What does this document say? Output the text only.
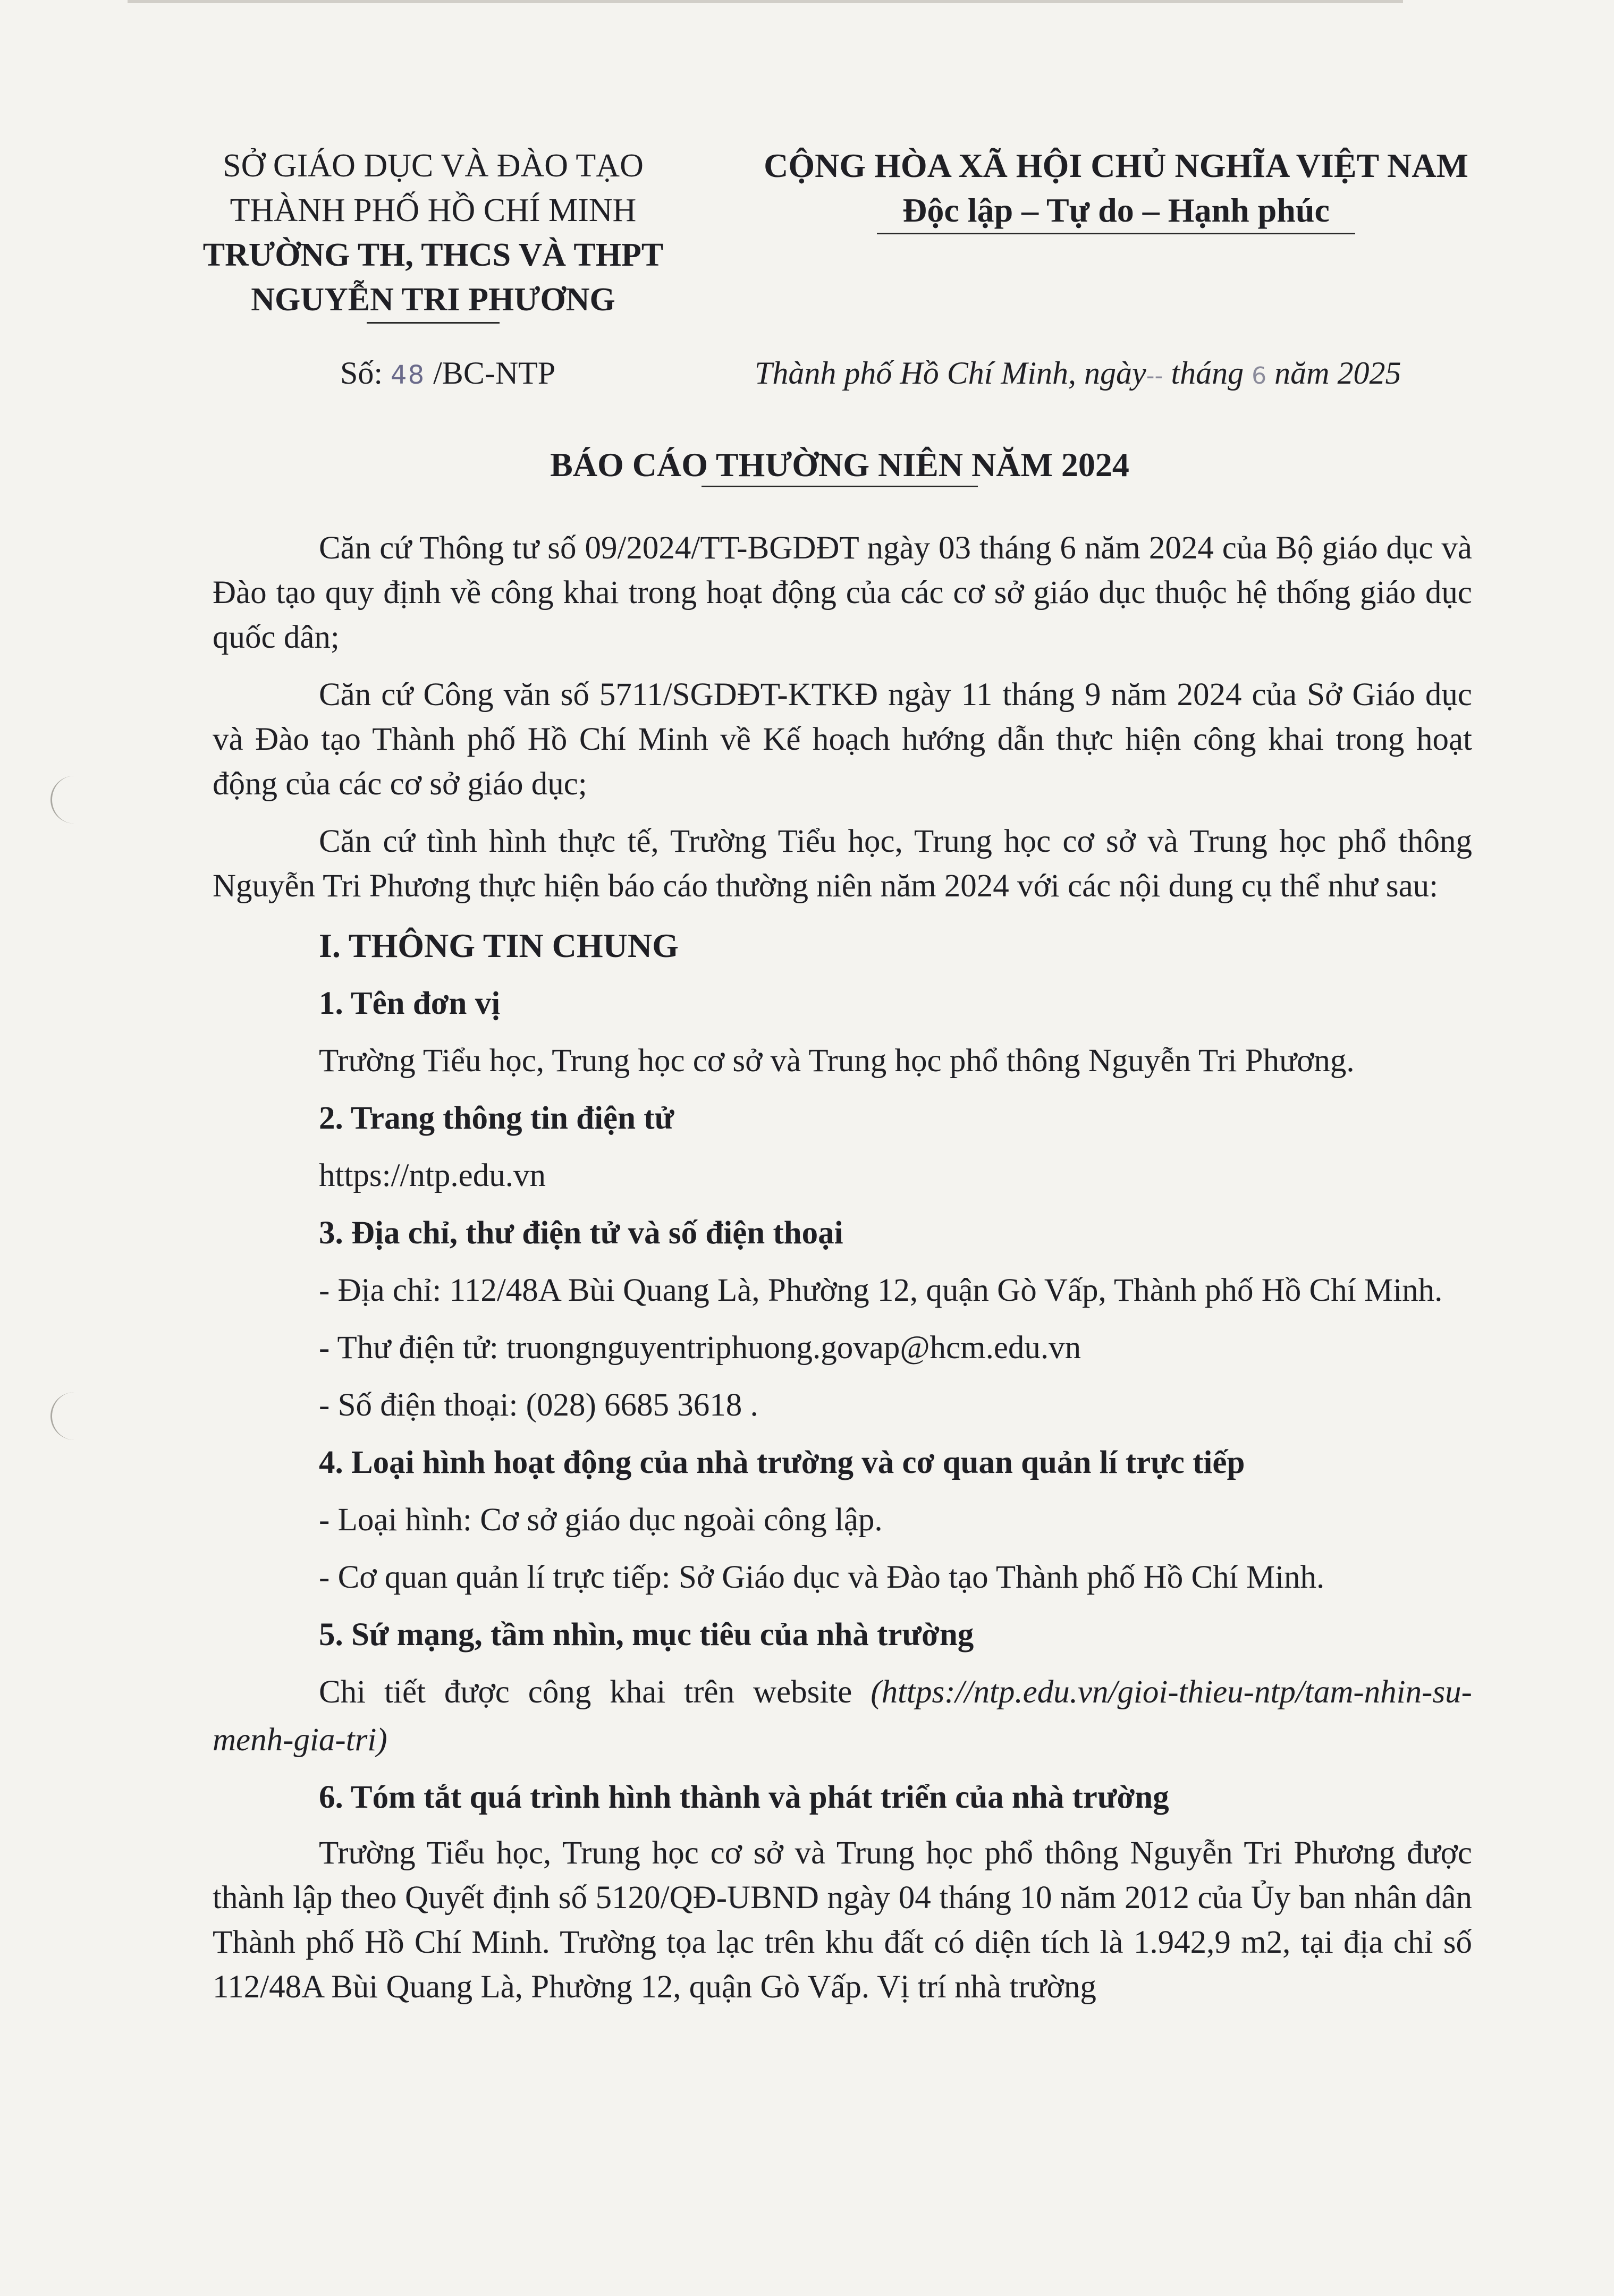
SỞ GIÁO DỤC VÀ ĐÀO TẠO
THÀNH PHỐ HỒ CHÍ MINH
TRƯỜNG TH, THCS VÀ THPT
NGUYỄN TRI PHƯƠNG
CỘNG HÒA XÃ HỘI CHỦ NGHĨA VIỆT NAM
Độc lập – Tự do – Hạnh phúc
Số: 48 /BC-NTP	Thành phố Hồ Chí Minh, ngày-- tháng 6 năm 2025
BÁO CÁO THƯỜNG NIÊN NĂM 2024

Căn cứ Thông tư số 09/2024/TT-BGDĐT ngày 03 tháng 6 năm 2024 của Bộ giáo dục và Đào tạo quy định về công khai trong hoạt động của các cơ sở giáo dục thuộc hệ thống giáo dục quốc dân;

Căn cứ Công văn số 5711/SGDĐT-KTKĐ ngày 11 tháng 9 năm 2024 của Sở Giáo dục và Đào tạo Thành phố Hồ Chí Minh về Kế hoạch hướng dẫn thực hiện công khai trong hoạt động của các cơ sở giáo dục;

Căn cứ tình hình thực tế, Trường Tiểu học, Trung học cơ sở và Trung học phổ thông Nguyễn Tri Phương thực hiện báo cáo thường niên năm 2024 với các nội dung cụ thể như sau:

I. THÔNG TIN CHUNG
1. Tên đơn vị
Trường Tiểu học, Trung học cơ sở và Trung học phổ thông Nguyễn Tri Phương.
2. Trang thông tin điện tử
https://ntp.edu.vn
3. Địa chỉ, thư điện tử và số điện thoại
- Địa chỉ: 112/48A Bùi Quang Là, Phường 12, quận Gò Vấp, Thành phố Hồ Chí Minh.
- Thư điện tử: truongnguyentriphuong.govap@hcm.edu.vn
- Số điện thoại: (028) 6685 3618 .
4. Loại hình hoạt động của nhà trường và cơ quan quản lí trực tiếp
- Loại hình: Cơ sở giáo dục ngoài công lập.
- Cơ quan quản lí trực tiếp: Sở Giáo dục và Đào tạo Thành phố Hồ Chí Minh.
5. Sứ mạng, tầm nhìn, mục tiêu của nhà trường
Chi tiết được công khai trên website (https://ntp.edu.vn/gioi-thieu-ntp/tam-nhin-su-menh-gia-tri)
6. Tóm tắt quá trình hình thành và phát triển của nhà trường

Trường Tiểu học, Trung học cơ sở và Trung học phổ thông Nguyễn Tri Phương được thành lập theo Quyết định số 5120/QĐ-UBND ngày 04 tháng 10 năm 2012 của Ủy ban nhân dân Thành phố Hồ Chí Minh. Trường tọa lạc trên khu đất có diện tích là 1.942,9 m2, tại địa chỉ số 112/48A Bùi Quang Là, Phường 12, quận Gò Vấp. Vị trí nhà trường
